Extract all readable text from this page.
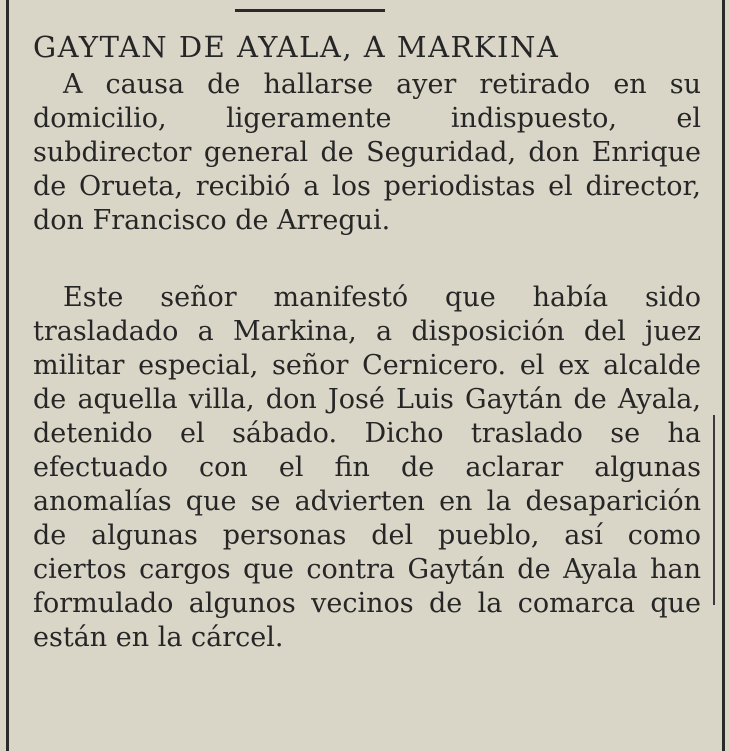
GAYTAN DE AYALA, A MARKINA

A causa de hallarse ayer retirado en su domicilio, ligeramente indispuesto, el subdirector general de Seguridad, don Enrique de Orueta, recibió a los periodistas el director, don Francisco de Arregui.

Este señor manifestó que había sido trasladado a Markina, a disposición del juez militar especial, señor Cernicero. el ex alcalde de aquella villa, don José Luis Gaytán de Ayala, detenido el sábado. Dicho traslado se ha efectuado con el fin de aclarar algunas anomalías que se advierten en la desaparición de algunas personas del pueblo, así como ciertos cargos que contra Gaytán de Ayala han formulado algunos vecinos de la comarca que están en la cárcel.
